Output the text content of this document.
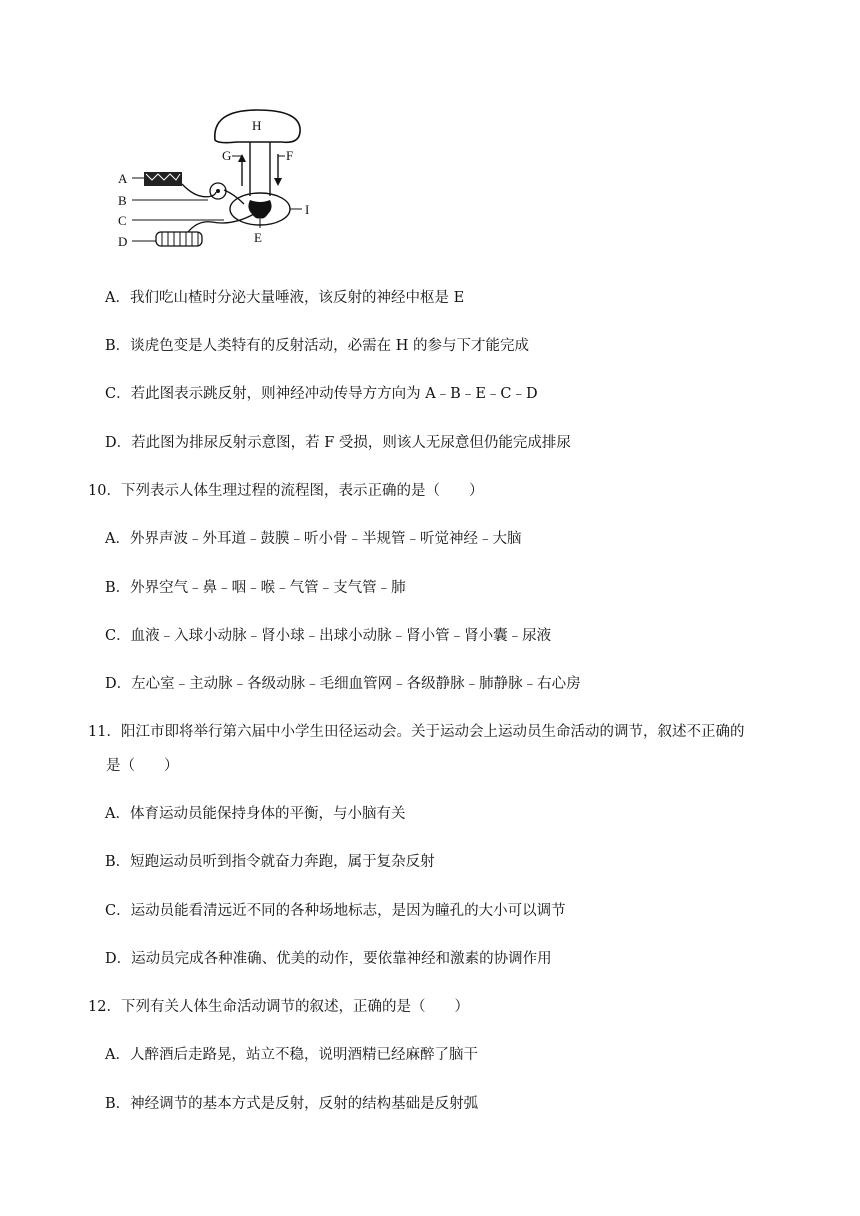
H
G	F
I
E
A
B
C
D
A．我们吃山楂时分泌大量唾液，该反射的神经中枢是 E
B．谈虎色变是人类特有的反射活动，必需在 H 的参与下才能完成
C．若此图表示跳反射，则神经冲动传导方方向为 A﹣B﹣E﹣C﹣D
D．若此图为排尿反射示意图，若 F 受损，则该人无尿意但仍能完成排尿
10．下列表示人体生理过程的流程图，表示正确的是（　　）
A．外界声波﹣外耳道﹣鼓膜﹣听小骨﹣半规管﹣听觉神经﹣大脑
B．外界空气﹣鼻﹣咽﹣喉﹣气管﹣支气管﹣肺
C．血液﹣入球小动脉﹣肾小球﹣出球小动脉﹣肾小管﹣肾小囊﹣尿液
D．左心室﹣主动脉﹣各级动脉﹣毛细血管网﹣各级静脉﹣肺静脉﹣右心房
11．阳江市即将举行第六届中小学生田径运动会。关于运动会上运动员生命活动的调节，叙述不正确的
是（　　）
A．体育运动员能保持身体的平衡，与小脑有关
B．短跑运动员听到指令就奋力奔跑，属于复杂反射
C．运动员能看清远近不同的各种场地标志，是因为瞳孔的大小可以调节
D．运动员完成各种准确、优美的动作，要依靠神经和激素的协调作用
12．下列有关人体生命活动调节的叙述，正确的是（　　）
A．人醉酒后走路晃，站立不稳，说明酒精已经麻醉了脑干
B．神经调节的基本方式是反射，反射的结构基础是反射弧
